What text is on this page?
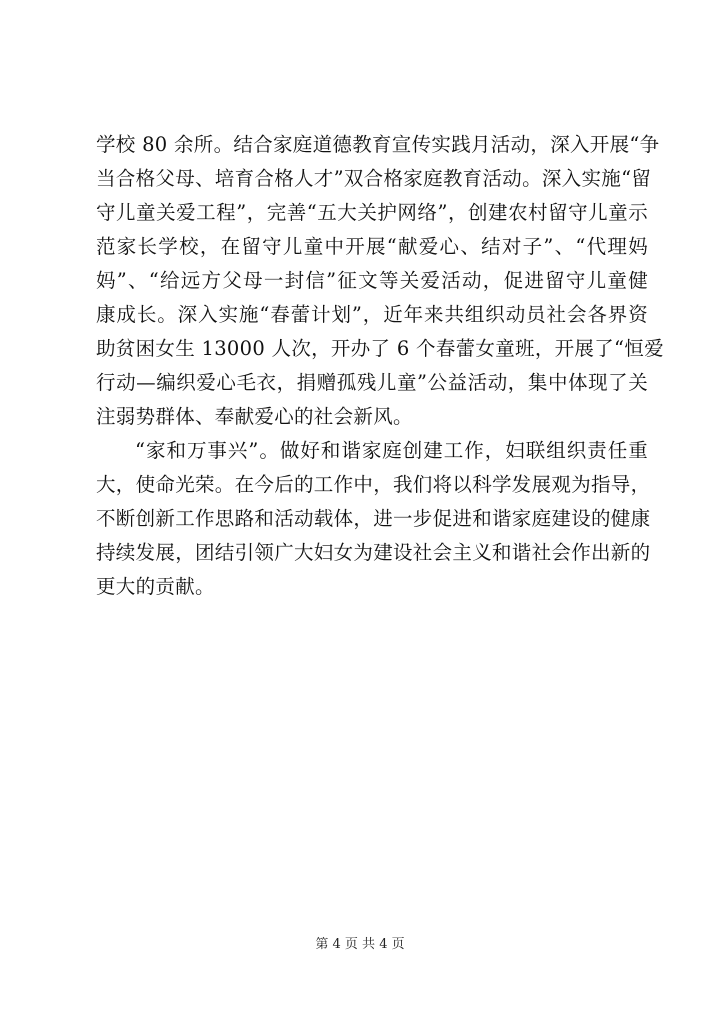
学校 80 余所。结合家庭道德教育宣传实践月活动，深入开展“争
当合格父母、培育合格人才”双合格家庭教育活动。深入实施“留
守儿童关爱工程”，完善“五大关护网络”，创建农村留守儿童示
范家长学校，在留守儿童中开展“献爱心、结对子”、“代理妈
妈”、“给远方父母一封信”征文等关爱活动，促进留守儿童健
康成长。深入实施“春蕾计划”，近年来共组织动员社会各界资
助贫困女生 13000 人次，开办了 6 个春蕾女童班，开展了“恒爱
行动—编织爱心毛衣，捐赠孤残儿童”公益活动，集中体现了关
注弱势群体、奉献爱心的社会新风。
“家和万事兴”。做好和谐家庭创建工作，妇联组织责任重
大，使命光荣。在今后的工作中，我们将以科学发展观为指导，
不断创新工作思路和活动载体，进一步促进和谐家庭建设的健康
持续发展，团结引领广大妇女为建设社会主义和谐社会作出新的
更大的贡献。
第 4 页 共 4 页
